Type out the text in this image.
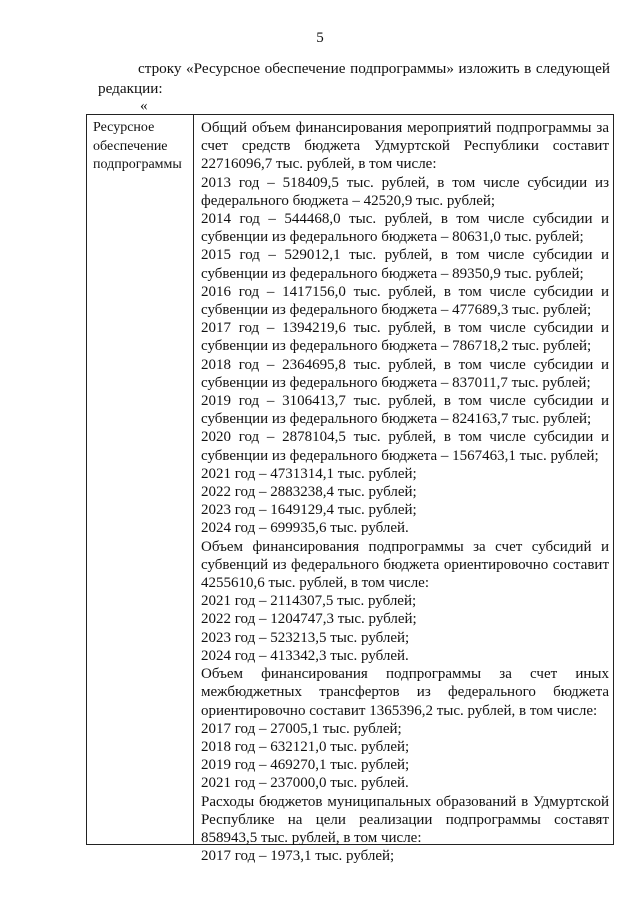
5
строку «Ресурсное обеспечение подпрограммы» изложить в следующей
редакции:
«
Ресурсное
обеспечение
подпрограммы

Общий объем финансирования мероприятий подпрограммы за

счет средств бюджета Удмуртской Республики составит

22716096,7 тыс. рублей, в том числе:

2013 год – 518409,5 тыс. рублей, в том числе субсидии из

федерального бюджета – 42520,9 тыс. рублей;

2014 год – 544468,0 тыс. рублей, в том числе субсидии и

субвенции из федерального бюджета – 80631,0 тыс. рублей;

2015 год – 529012,1 тыс. рублей, в том числе субсидии и

субвенции из федерального бюджета – 89350,9 тыс. рублей;

2016 год – 1417156,0 тыс. рублей, в том числе субсидии и

субвенции из федерального бюджета – 477689,3 тыс. рублей;

2017 год – 1394219,6 тыс. рублей, в том числе субсидии и

субвенции из федерального бюджета – 786718,2 тыс. рублей;

2018 год – 2364695,8 тыс. рублей, в том числе субсидии и

субвенции из федерального бюджета – 837011,7 тыс. рублей;

2019 год – 3106413,7 тыс. рублей, в том числе субсидии и

субвенции из федерального бюджета – 824163,7 тыс. рублей;

2020 год – 2878104,5 тыс. рублей, в том числе субсидии и

субвенции из федерального бюджета – 1567463,1 тыс. рублей;

2021 год – 4731314,1 тыс. рублей;

2022 год – 2883238,4 тыс. рублей;

2023 год – 1649129,4 тыс. рублей;

2024 год – 699935,6 тыс. рублей.

Объем финансирования подпрограммы за счет субсидий и

субвенций из федерального бюджета ориентировочно составит

4255610,6 тыс. рублей, в том числе:

2021 год – 2114307,5 тыс. рублей;

2022 год – 1204747,3 тыс. рублей;

2023 год – 523213,5 тыс. рублей;

2024 год – 413342,3 тыс. рублей.

Объем финансирования подпрограммы за счет иных

межбюджетных трансфертов из федерального бюджета

ориентировочно составит 1365396,2 тыс. рублей, в том числе:

2017 год – 27005,1 тыс. рублей;

2018 год – 632121,0 тыс. рублей;

2019 год – 469270,1 тыс. рублей;

2021 год – 237000,0 тыс. рублей.

Расходы бюджетов муниципальных образований в Удмуртской

Республике на цели реализации подпрограммы составят

858943,5 тыс. рублей, в том числе:

2017 год – 1973,1 тыс. рублей;
